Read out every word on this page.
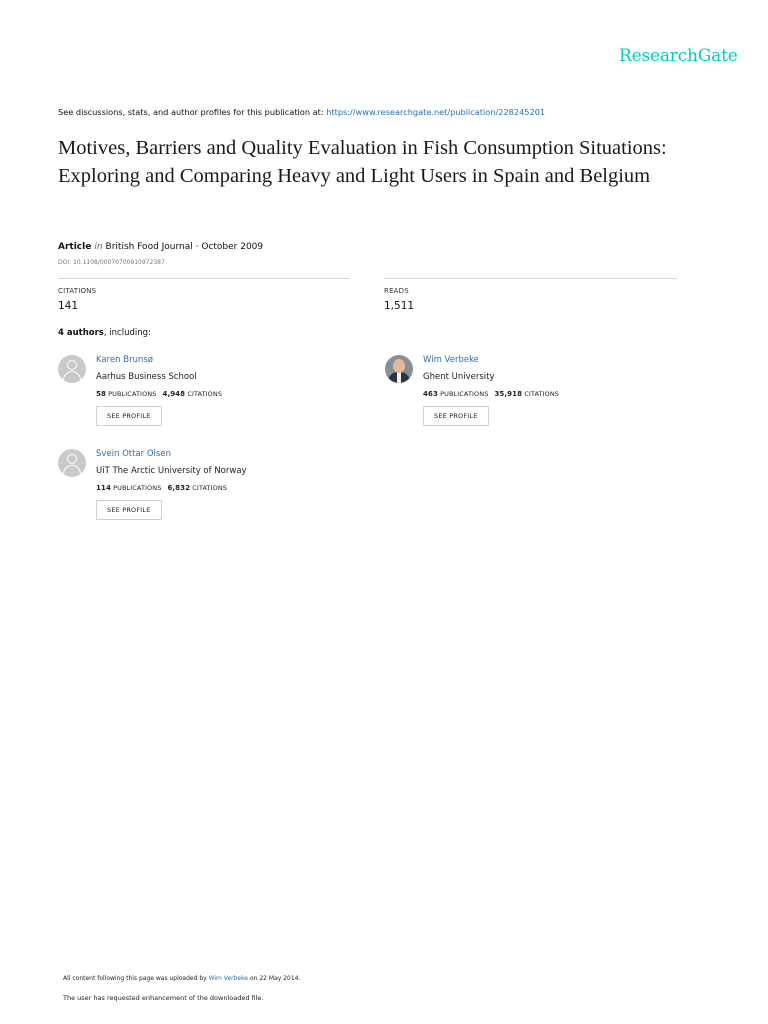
ResearchGate
See discussions, stats, and author profiles for this publication at: https://www.researchgate.net/publication/228245201
Motives, Barriers and Quality Evaluation in Fish Consumption Situations: Exploring and Comparing Heavy and Light Users in Spain and Belgium
Article in British Food Journal · October 2009
DOI: 10.1108/00070700910972387
CITATIONS
141
READS
1,511
4 authors, including:
Karen Brunsø
Aarhus Business School
58 PUBLICATIONS 4,948 CITATIONS
SEE PROFILE
Wim Verbeke
Ghent University
463 PUBLICATIONS 35,918 CITATIONS
SEE PROFILE
Svein Ottar Olsen
UiT The Arctic University of Norway
114 PUBLICATIONS 6,832 CITATIONS
SEE PROFILE
All content following this page was uploaded by Wim Verbeke on 22 May 2014.
The user has requested enhancement of the downloaded file.
